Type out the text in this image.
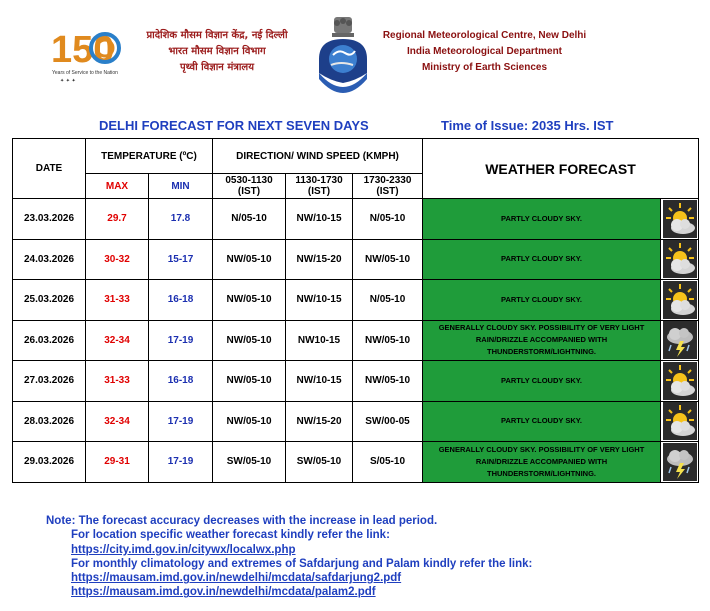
150
Years of Service to the Nation
✦ ✦ ✦
प्रादेशिक मौसम विज्ञान केंद्र, नई दिल्ली
भारत मौसम विज्ञान विभाग
पृथ्वी विज्ञान मंत्रालय
Regional Meteorological Centre, New Delhi
India Meteorological Department
Ministry of Earth Sciences
DELHI FORECAST FOR NEXT SEVEN DAYS	Time of Issue: 2035 Hrs. IST
DATE	TEMPERATURE (ºC)		DIRECTION/ WIND SPEED (KMPH)			WEATHER FORECAST	
	MAX	MIN	0530-1130 (IST)	1130-1730 (IST)	1730-2330 (IST)		
23.03.2026	29.7	17.8	N/05-10	NW/10-15	N/05-10	PARTLY CLOUDY SKY.	

24.03.2026	30-32	15-17	NW/05-10	NW/15-20	NW/05-10	PARTLY CLOUDY SKY.	

25.03.2026	31-33	16-18	NW/05-10	NW/10-15	N/05-10	PARTLY CLOUDY SKY.	

26.03.2026	32-34	17-19	NW/05-10	NW10-15	NW/05-10	GENERALLY CLOUDY SKY. POSSIBILITY OF VERY LIGHT RAIN/DRIZZLE ACCOMPANIED WITH THUNDERSTORM/LIGHTNING.	

27.03.2026	31-33	16-18	NW/05-10	NW/10-15	NW/05-10	PARTLY CLOUDY SKY.	

28.03.2026	32-34	17-19	NW/05-10	NW/15-20	SW/00-05	PARTLY CLOUDY SKY.	

29.03.2026	29-31	17-19	SW/05-10	SW/05-10	S/05-10	GENERALLY CLOUDY SKY. POSSIBILITY OF VERY LIGHT RAIN/DRIZZLE ACCOMPANIED WITH THUNDERSTORM/LIGHTNING.	
Note: The forecast accuracy decreases with the increase in lead period.
For location specific weather forecast kindly refer the link:
https://city.imd.gov.in/citywx/localwx.php
For monthly climatology and extremes of Safdarjung and Palam kindly refer the link:
https://mausam.imd.gov.in/newdelhi/mcdata/safdarjung2.pdf
https://mausam.imd.gov.in/newdelhi/mcdata/palam2.pdf
